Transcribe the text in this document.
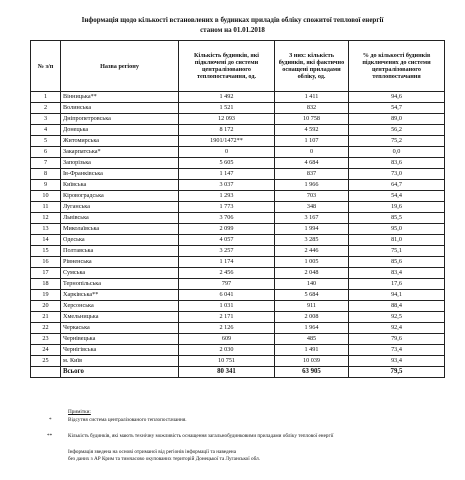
Інформація щодо кількості встановлених в будинках приладів обліку спожитої теплової енергії
станом на 01.01.2018
№ з/п	Назва регіону	Кількість будинків, які підключені до системи централізованого теплопостачання, од.	З них: кількість будинків, які фактично оснащені приладами обліку, од.	% до кількості будинків підключених до системи централізованого теплопостачання
1	Вінницька**	1 492	1 411	94,6
2	Волинська	1 521	832	54,7
3	Дніпропетровська	12 093	10 758	89,0
4	Донецька	8 172	4 592	56,2
5	Житомирська	1901/1472**	1 107	75,2
6	Закарпатська*	0	0	0,0
7	Запорізька	5 605	4 684	83,6
8	Ів-Франківська	1 147	837	73,0
9	Київська	3 037	1 966	64,7
10	Кіровоградська	1 293	703	54,4
11	Луганська	1 773	348	19,6
12	Львівська	3 706	3 167	85,5
13	Миколаївська	2 099	1 994	95,0
14	Одеська	4 057	3 285	81,0
15	Полтавська	3 257	2 446	75,1
16	Рівненська	1 174	1 005	85,6
17	Сумська	2 456	2 048	83,4
18	Тернопільська	797	140	17,6
19	Харківська**	6 041	5 684	94,1
20	Херсонська	1 031	911	88,4
21	Хмельницька	2 171	2 008	92,5
22	Черкаська	2 126	1 964	92,4
23	Чернівецька	609	485	79,6
24	Чернігівська	2 030	1 491	73,4
25	м. Київ	10 751	10 039	93,4
	Всього	80 341	63 905	79,5
Примітки:
*	Відсутня система централізованого теплопостачання.
**	Кількість будинків, які мають технічну можливість оснащення загальнобудинковими приладами обліку теплової енергії
Інформація зведена на основі отриманої від регіонів інформації та наведена
без даних з АР Крим та тимчасово окупованих територій Донецької та Луганської обл.
